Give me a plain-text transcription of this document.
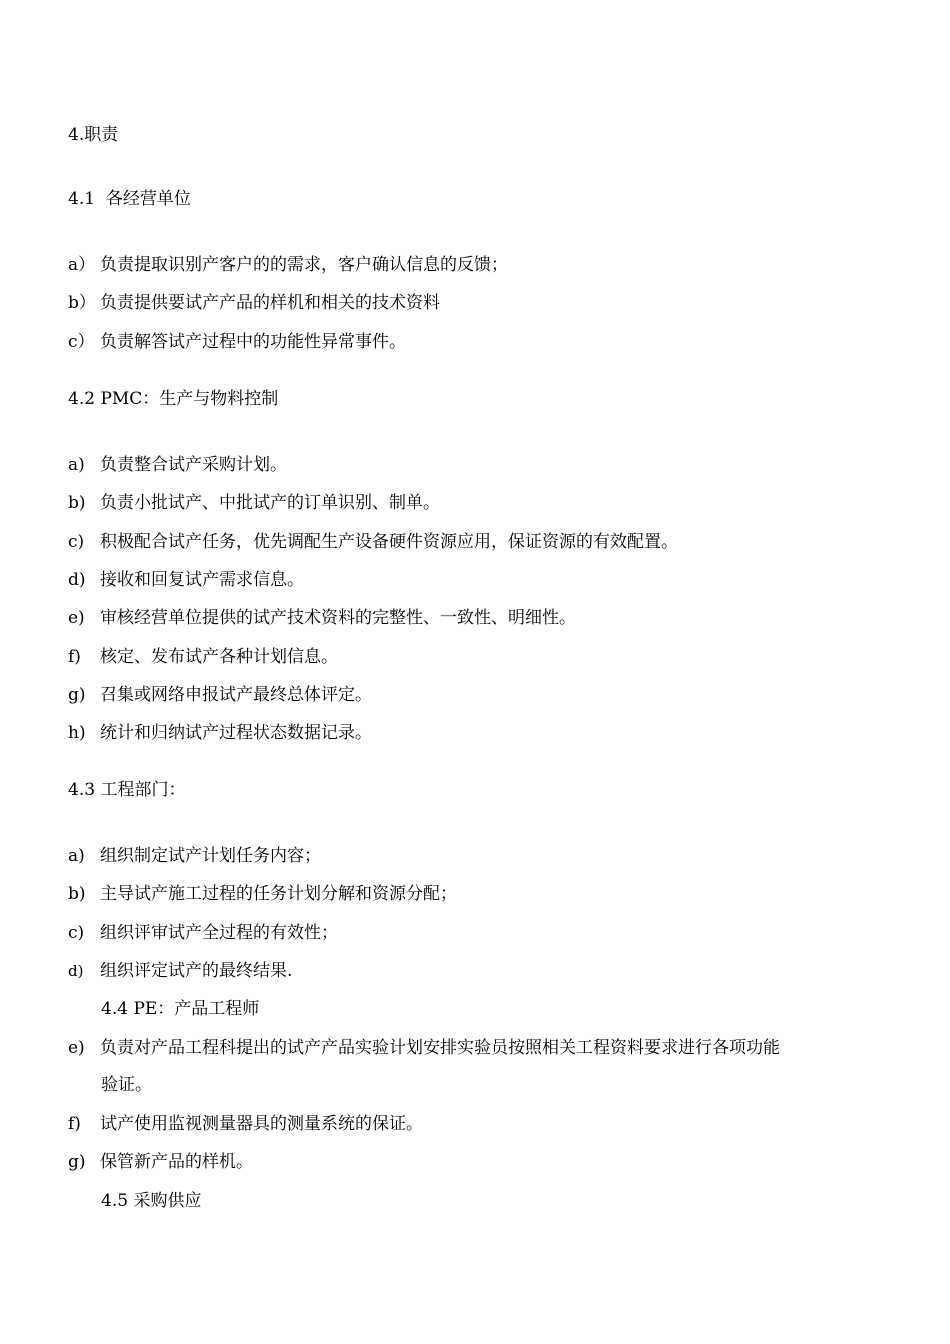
4.职责
4.1  各经营单位
a） 负责提取识别产客户的的需求，客户确认信息的反馈；
b） 负责提供要试产产品的样机和相关的技术资料
c） 负责解答试产过程中的功能性异常事件。
4.2 PMC：生产与物料控制
a) 负责整合试产采购计划。
b) 负责小批试产、中批试产的订单识别、制单。
c) 积极配合试产任务，优先调配生产设备硬件资源应用，保证资源的有效配置。
d) 接收和回复试产需求信息。
e) 审核经营单位提供的试产技术资料的完整性、一致性、明细性。
f) 核定、发布试产各种计划信息。
g) 召集或网络申报试产最终总体评定。
h) 统计和归纳试产过程状态数据记录。
4.3 工程部门：
a) 组织制定试产计划任务内容；
b) 主导试产施工过程的任务计划分解和资源分配；
c) 组织评审试产全过程的有效性；
d) 组织评定试产的最终结果.
4.4 PE：产品工程师
e) 负责对产品工程科提出的试产产品实验计划安排实验员按照相关工程资料要求进行各项功能
验证。
f) 试产使用监视测量器具的测量系统的保证。
g) 保管新产品的样机。
4.5 采购供应
